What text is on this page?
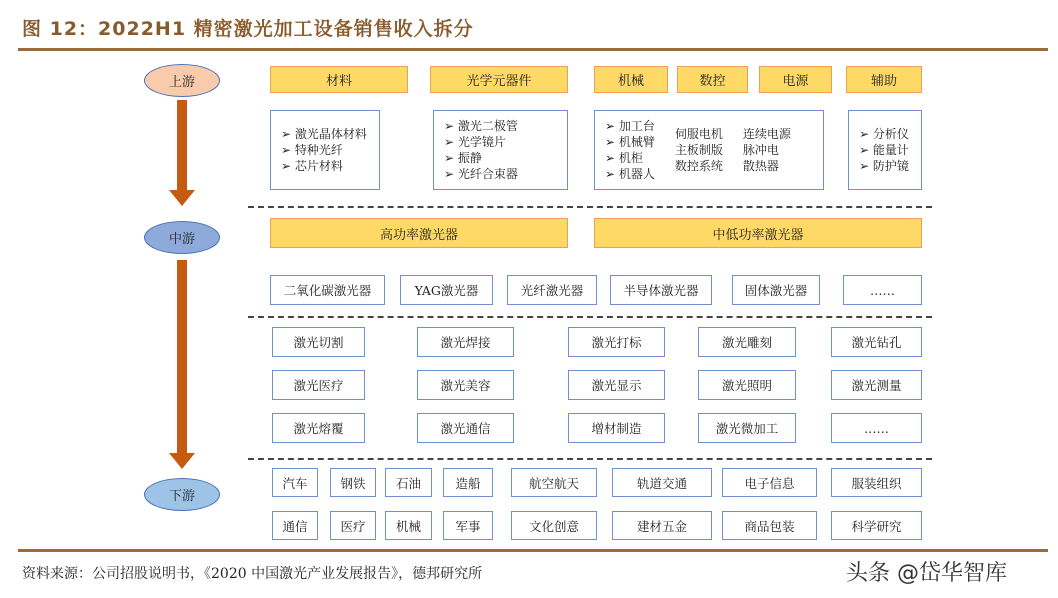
图 12：2022H1 精密激光加工设备销售收入拆分
上游
中游
下游
材料	光学元器件	机械	数控	电源	辅助
➢ 激光晶体材料
➢ 特种光纤
➢ 芯片材料
➢ 激光二极管
➢ 光学镜片
➢ 振静
➢ 光纤合束器
➢ 加工台
➢ 机械臂
➢ 机柜
➢ 机器人
伺服电机
主板制版
数控系统
连续电源
脉冲电
散热器
➢ 分析仪
➢ 能量计
➢ 防护镜
高功率激光器	中低功率激光器
二氧化碳激光器	YAG激光器	光纤激光器	半导体激光器	固体激光器	……
激光切割	激光焊接	激光打标	激光雕刻	激光钻孔
激光医疗	激光美容	激光显示	激光照明	激光测量
激光熔覆	激光通信	增材制造	激光微加工	……
汽车	钢铁	石油	造船	航空航天	轨道交通	电子信息	服装组织
通信	医疗	机械	军事	文化创意	建材五金	商品包装	科学研究
资料来源：公司招股说明书，《2020 中国激光产业发展报告》，德邦研究所	头条 @岱华智库
